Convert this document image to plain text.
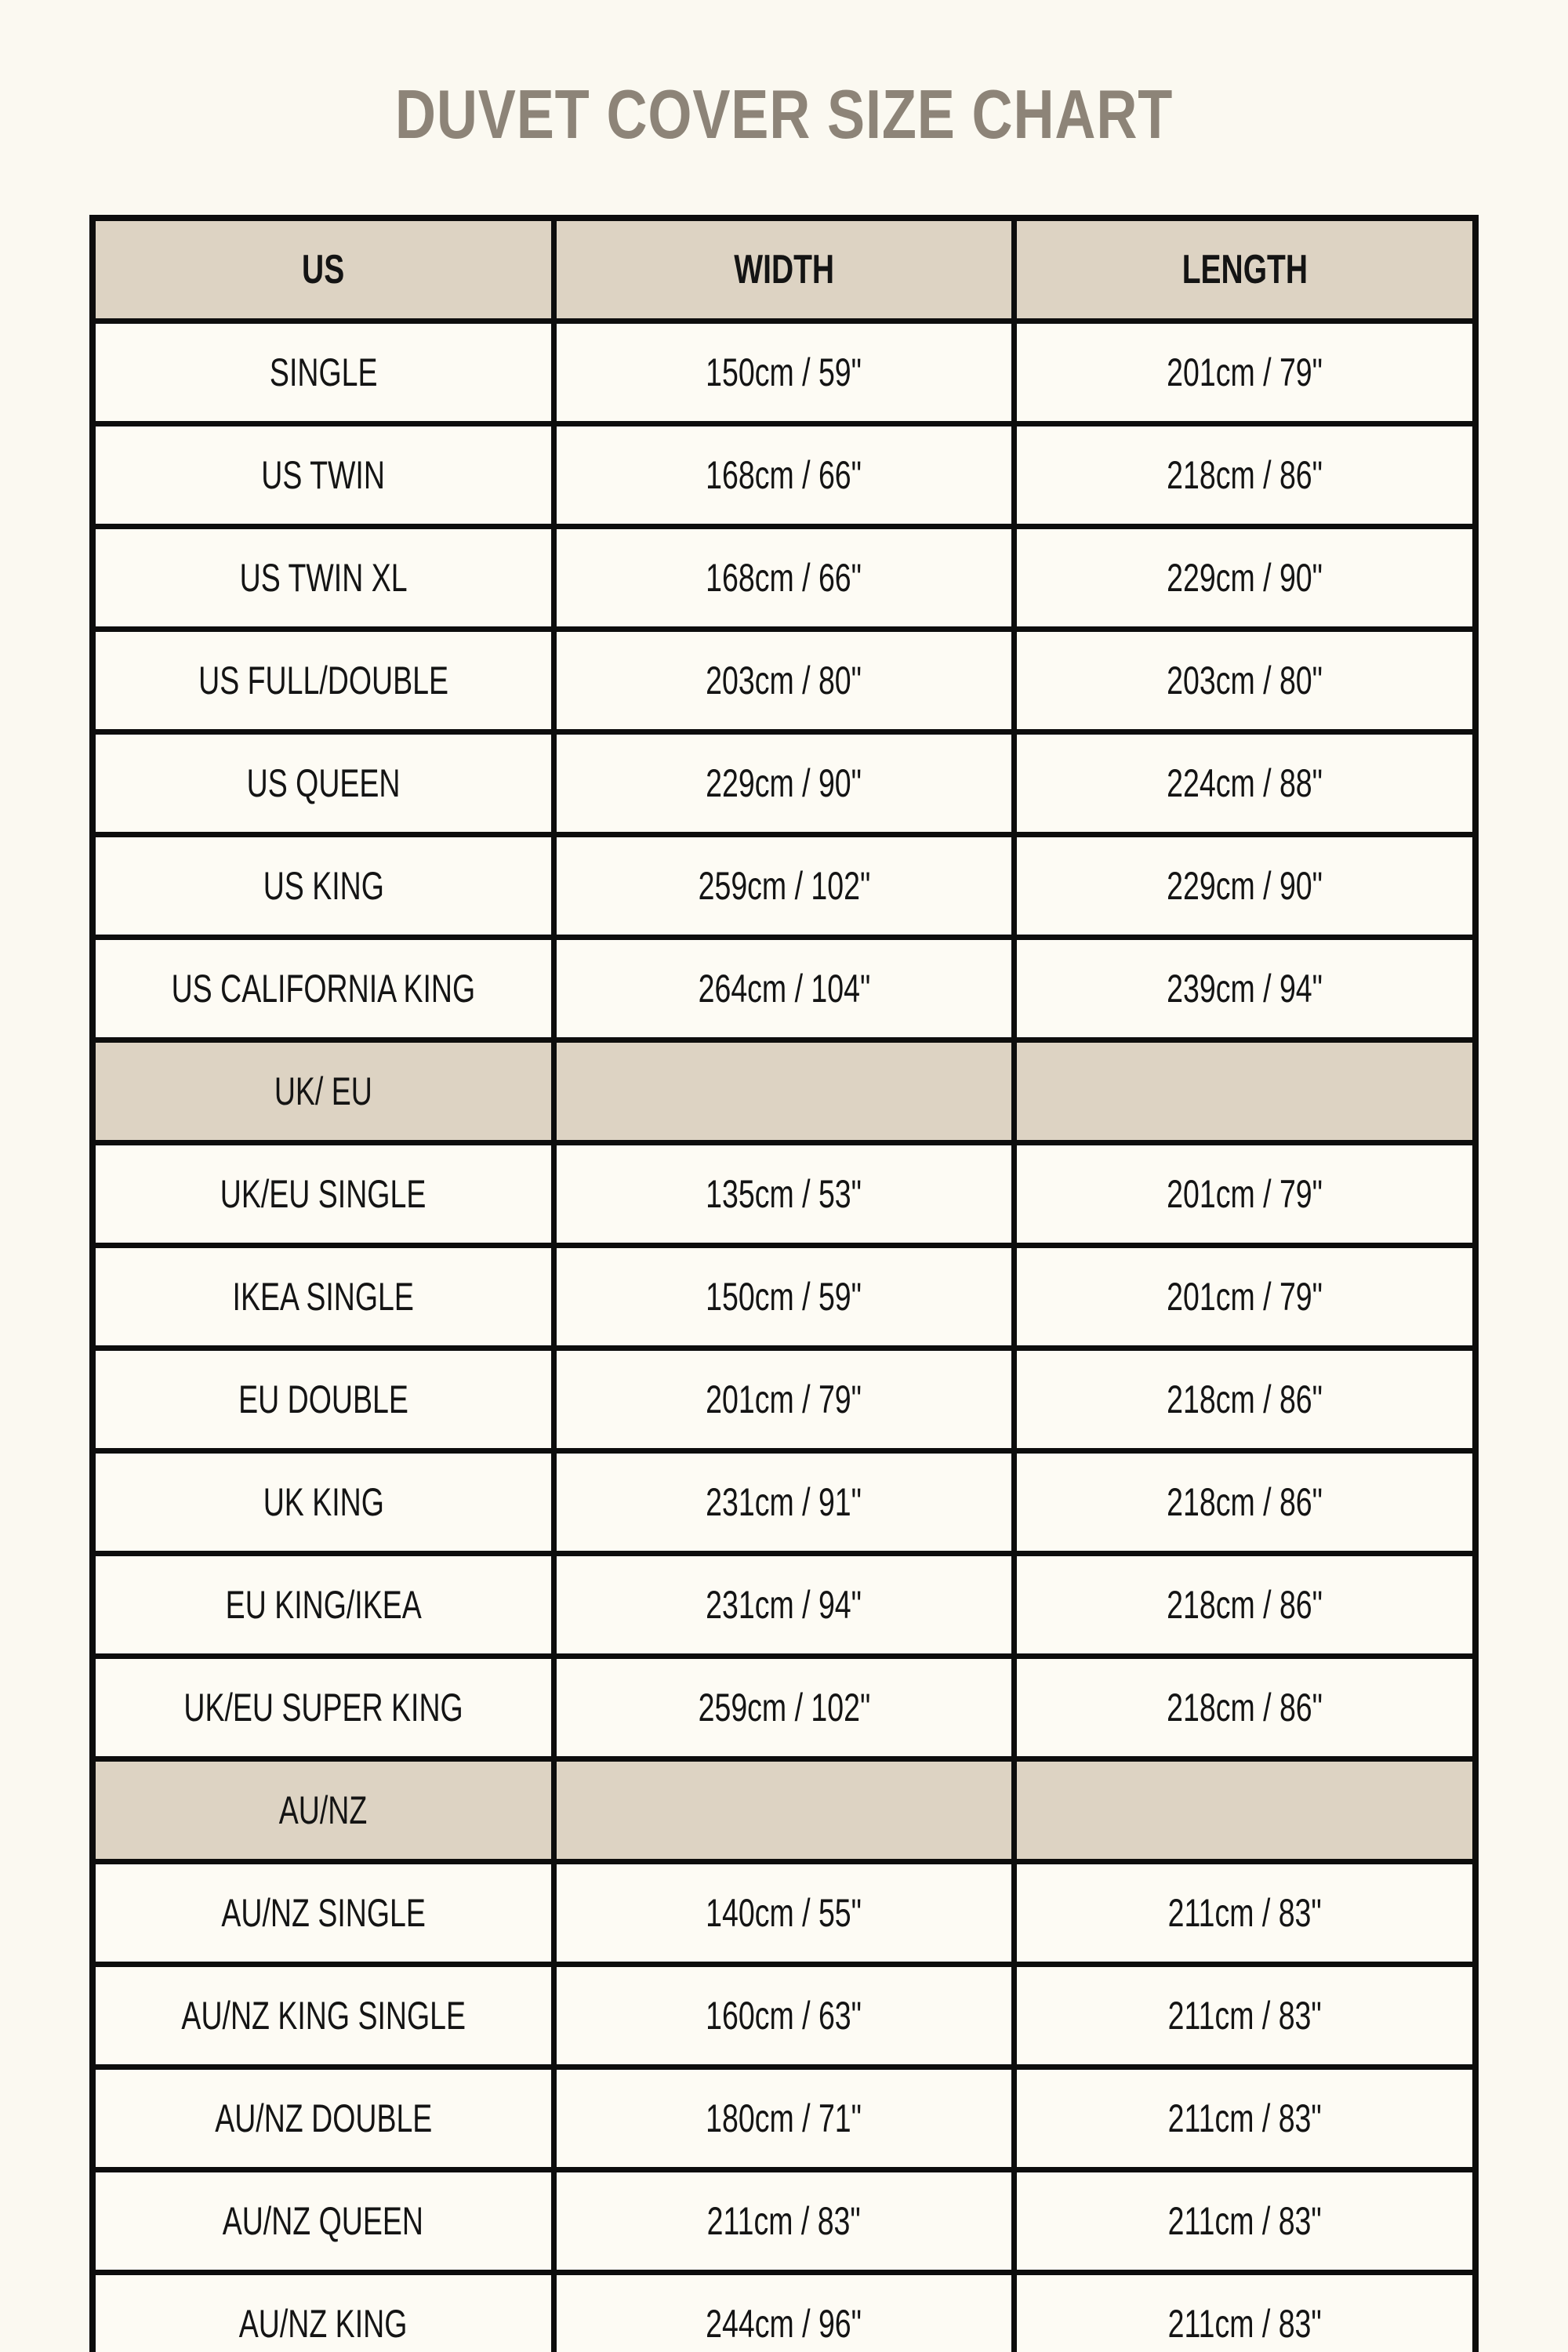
DUVET COVER SIZE CHART
US	WIDTH	LENGTH
SINGLE	150cm / 59"	201cm / 79"
US TWIN	168cm / 66"	218cm / 86"
US TWIN XL	168cm / 66"	229cm / 90"
US FULL/DOUBLE	203cm / 80"	203cm / 80"
US QUEEN	229cm / 90"	224cm / 88"
US KING	259cm / 102"	229cm / 90"
US CALIFORNIA KING	264cm / 104"	239cm / 94"
UK/ EU		
UK/EU SINGLE	135cm / 53"	201cm / 79"
IKEA SINGLE	150cm / 59"	201cm / 79"
EU DOUBLE	201cm / 79"	218cm / 86"
UK KING	231cm / 91"	218cm / 86"
EU KING/IKEA	231cm / 94"	218cm / 86"
UK/EU SUPER KING	259cm / 102"	218cm / 86"
AU/NZ		
AU/NZ SINGLE	140cm / 55"	211cm / 83"
AU/NZ KING SINGLE	160cm / 63"	211cm / 83"
AU/NZ DOUBLE	180cm / 71"	211cm / 83"
AU/NZ QUEEN	211cm / 83"	211cm / 83"
AU/NZ KING	244cm / 96"	211cm / 83"
